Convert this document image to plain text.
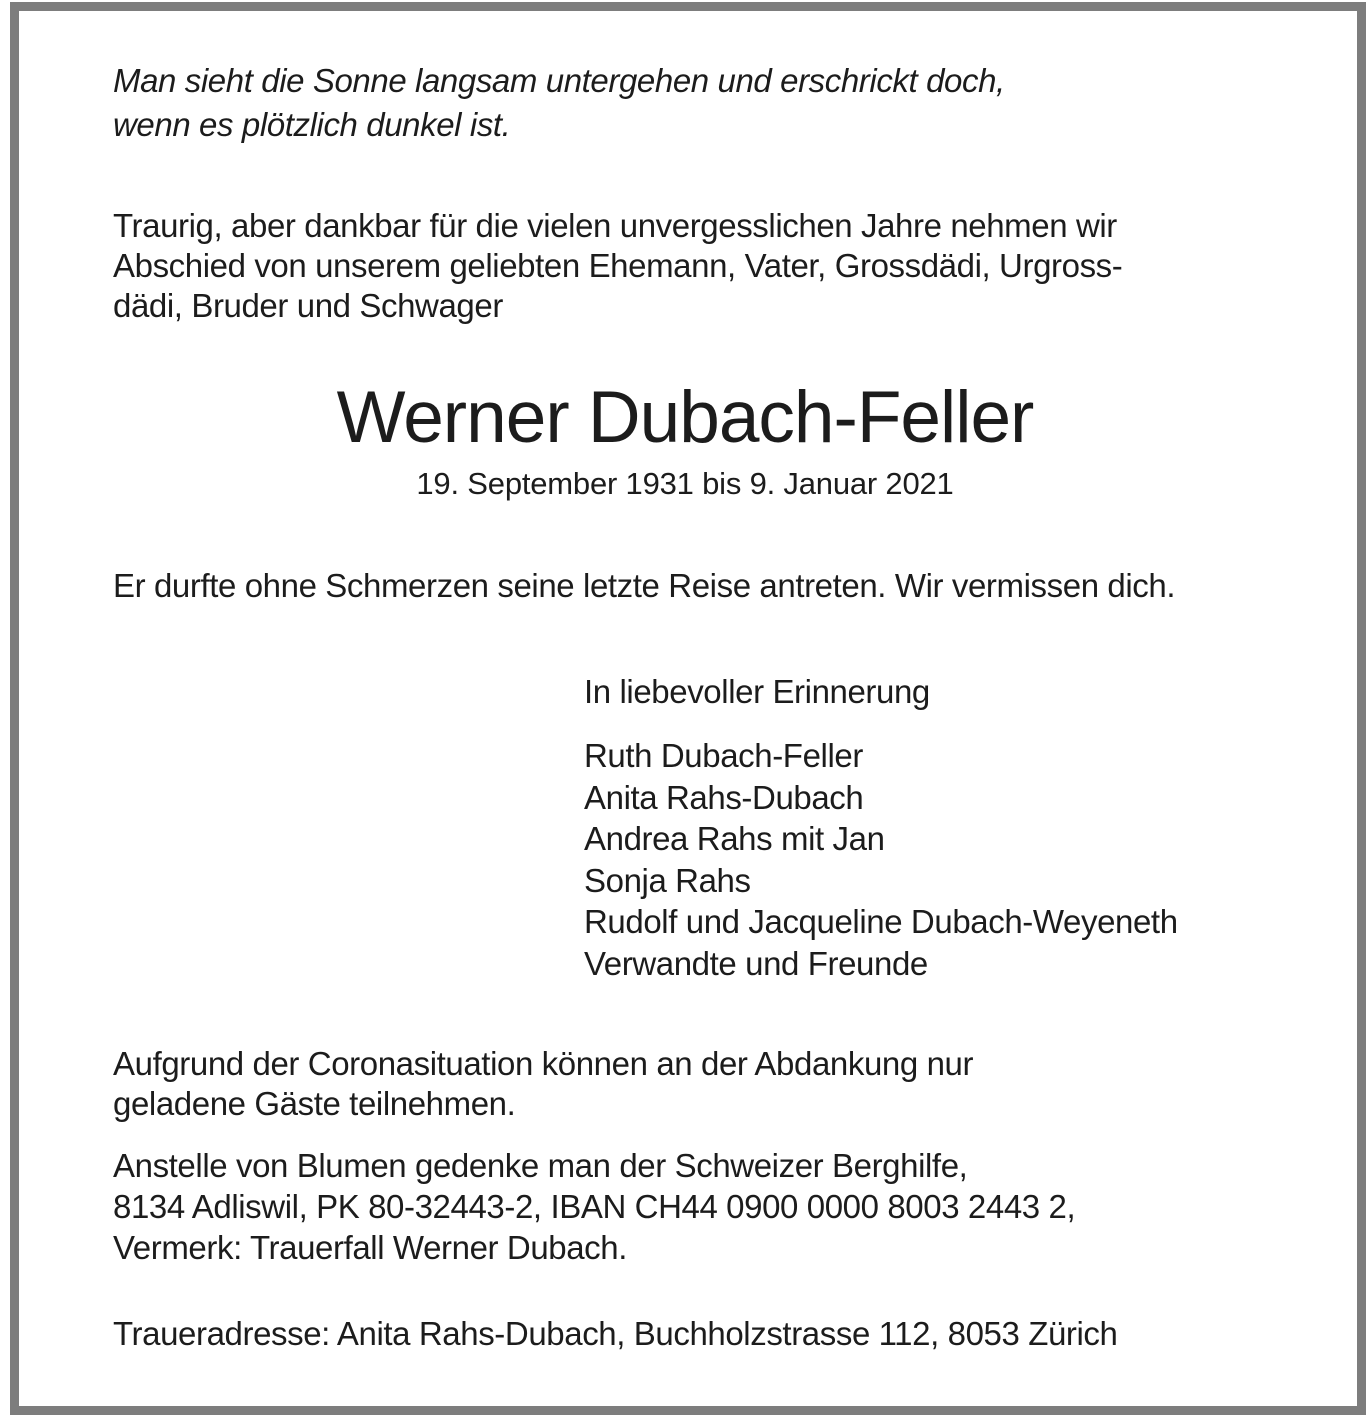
Man sieht die Sonne langsam untergehen und erschrickt doch,
wenn es plötzlich dunkel ist.
Traurig, aber dankbar für die vielen unvergesslichen Jahre nehmen wir
Abschied von unserem geliebten Ehemann, Vater, Grossdädi, Urgross-
dädi, Bruder und Schwager
Werner Dubach-Feller
19. September 1931 bis 9. Januar 2021
Er durfte ohne Schmerzen seine letzte Reise antreten. Wir vermissen dich.
In liebevoller Erinnerung
Ruth Dubach-Feller
Anita Rahs-Dubach
Andrea Rahs mit Jan
Sonja Rahs
Rudolf und Jacqueline Dubach-Weyeneth
Verwandte und Freunde
Aufgrund der Coronasituation können an der Abdankung nur
geladene Gäste teilnehmen.
Anstelle von Blumen gedenke man der Schweizer Berghilfe,
8134 Adliswil, PK 80-32443-2, IBAN CH44 0900 0000 8003 2443 2,
Vermerk: Trauerfall Werner Dubach.
Traueradresse: Anita Rahs-Dubach, Buchholzstrasse 112, 8053 Zürich
